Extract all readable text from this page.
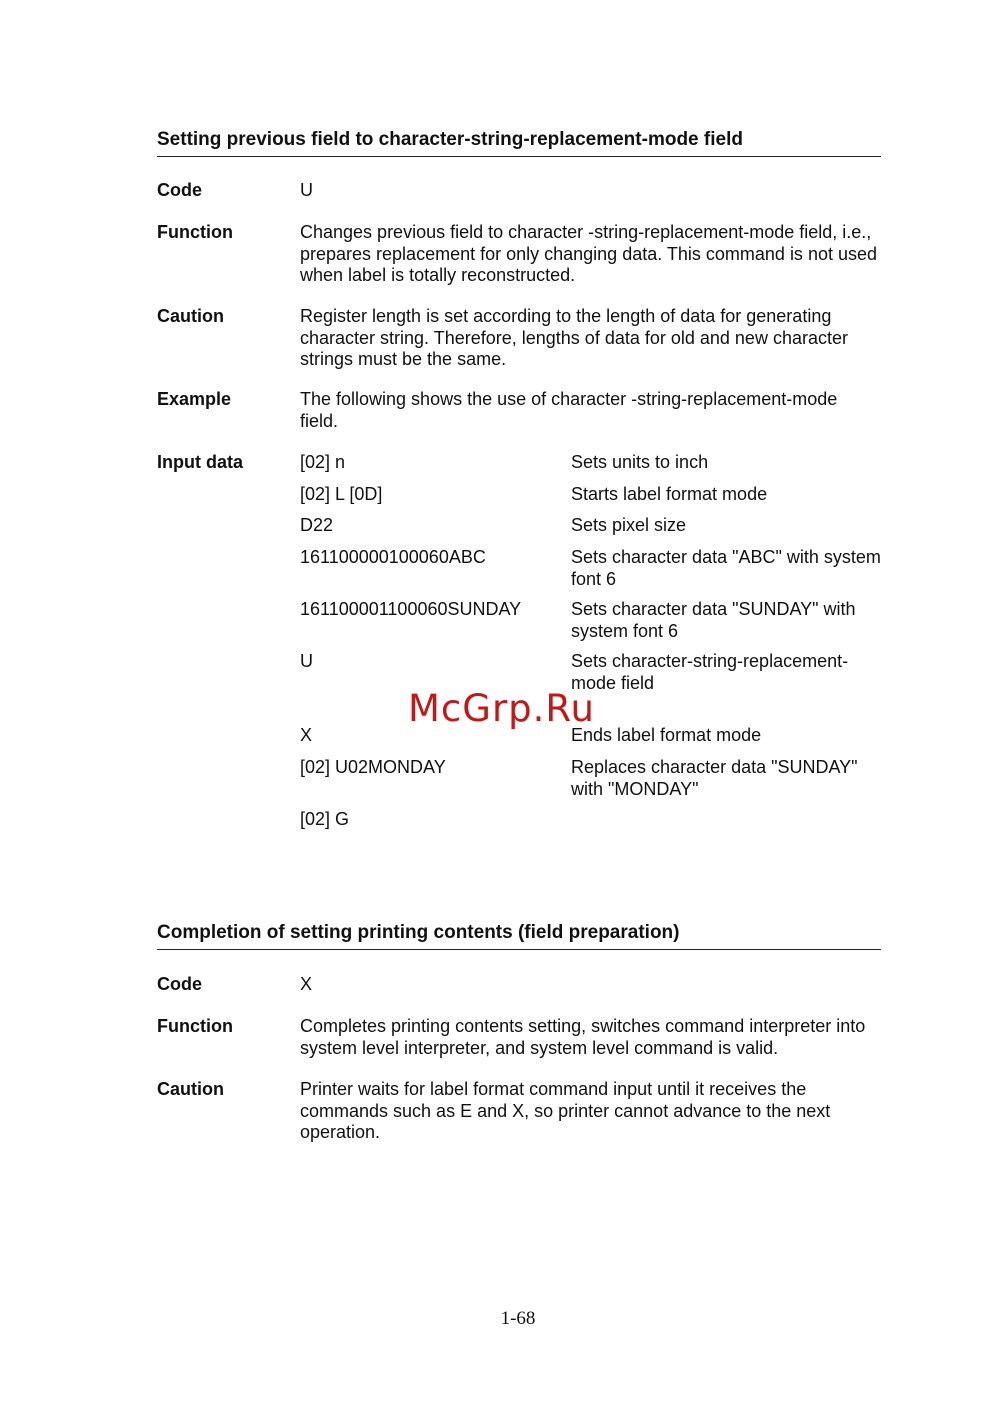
Setting previous field to character-string-replacement-mode field
Code	U
Function	Changes previous field to character -string-replacement-mode field, i.e., prepares replacement for only changing data. This command is not used when label is totally reconstructed.
Caution	Register length is set according to the length of data for generating character string. Therefore, lengths of data for old and new character strings must be the same.
Example	The following shows the use of character -string-replacement-mode field.
Input data	[02] n	Sets units to inch
[02] L [0D]	Starts label format mode
D22	Sets pixel size
161100000100060ABC	Sets character data "ABC" with system font 6
161100001100060SUNDAY	Sets character data "SUNDAY" with system font 6
U	Sets character-string-replacement-mode field
X	Ends label format mode
[02] U02MONDAY	Replaces character data "SUNDAY" with "MONDAY"
[02] G
McGrp.Ru
Completion of setting printing contents (field preparation)
Code	X
Function	Completes printing contents setting, switches command interpreter into system level interpreter, and system level command is valid.
Caution	Printer waits for label format command input until it receives the commands such as E and X, so printer cannot advance to the next operation.
1-68
